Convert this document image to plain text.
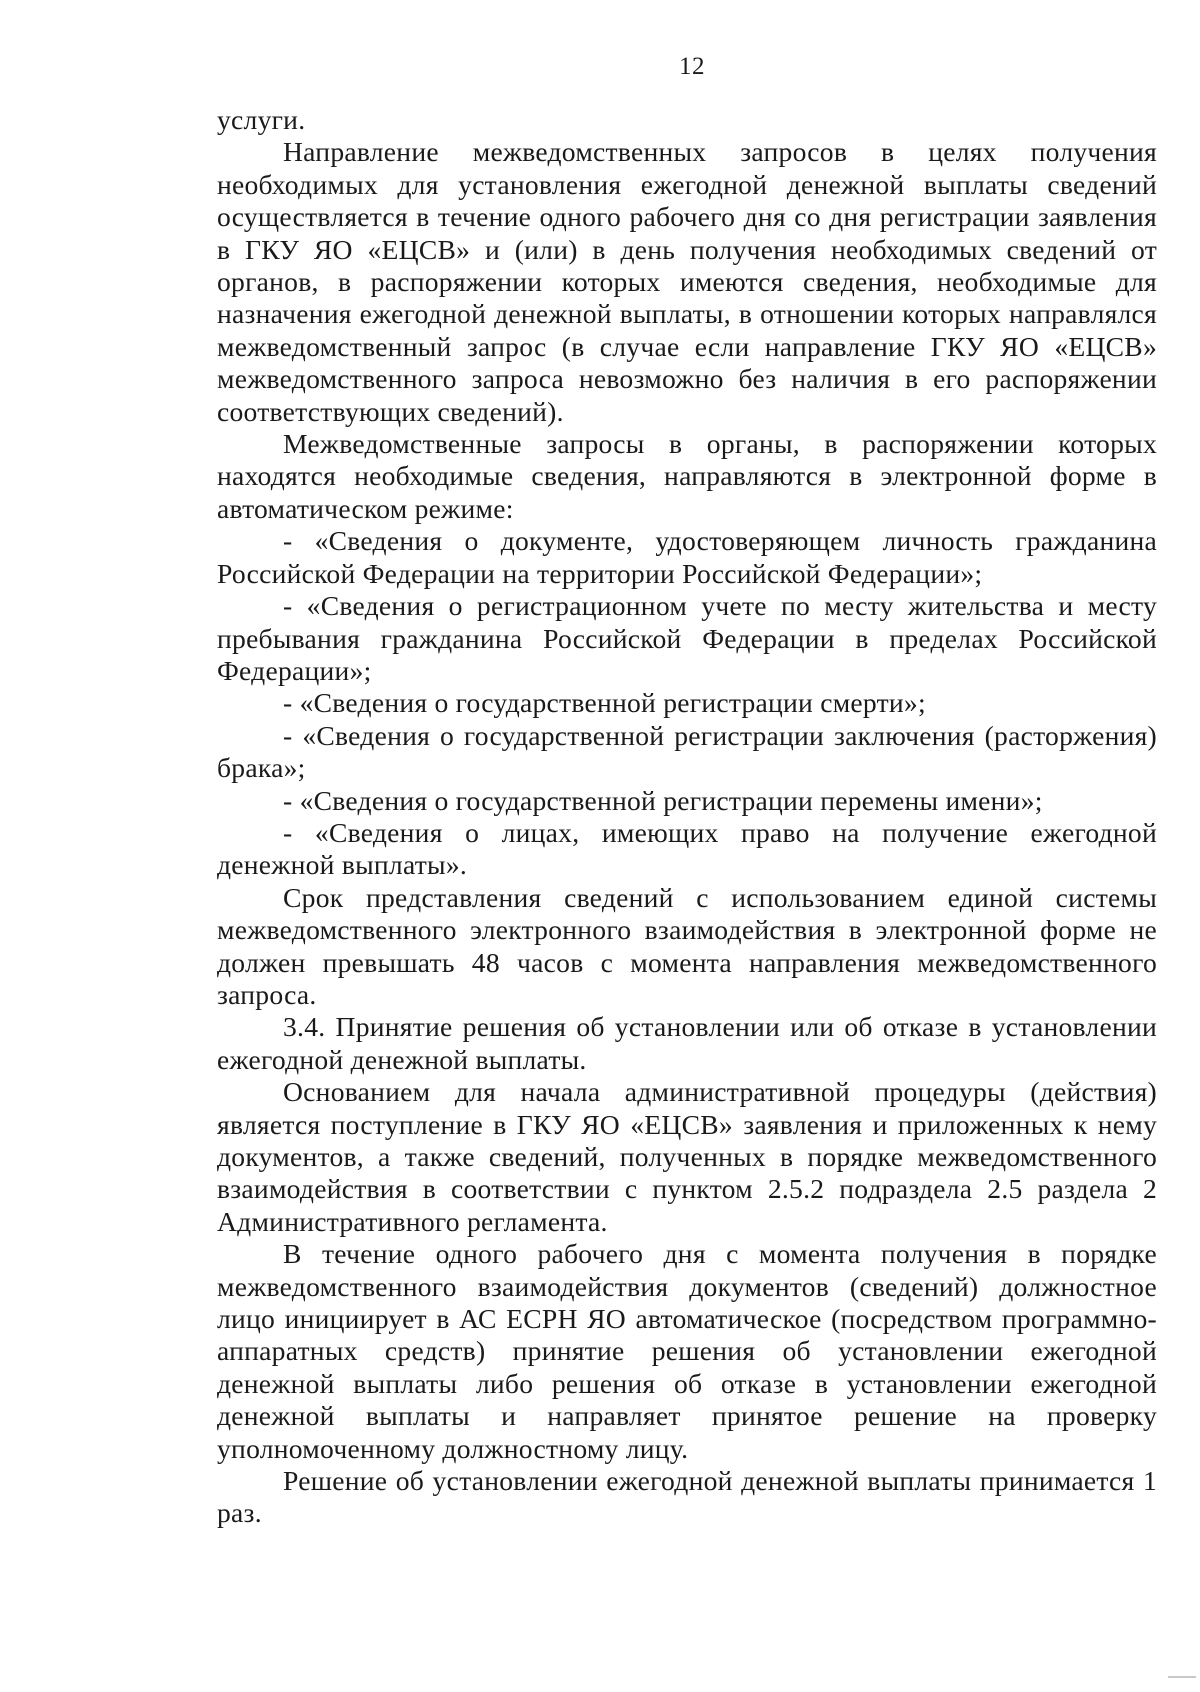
12

услуги.

Направление межведомственных запросов в целях получения необходимых для установления ежегодной денежной выплаты сведений осуществляется в течение одного рабочего дня со дня регистрации заявления в ГКУ ЯО «ЕЦСВ» и (или) в день получения необходимых сведений от органов, в распоряжении которых имеются сведения, необходимые для назначения ежегодной денежной выплаты, в отношении которых направлялся межведомственный запрос (в случае если направление ГКУ ЯО «ЕЦСВ» межведомственного запроса невозможно без наличия в его распоряжении соответствующих сведений).

Межведомственные запросы в органы, в распоряжении которых находятся необходимые сведения, направляются в электронной форме в автоматическом режиме:

- «Сведения о документе, удостоверяющем личность гражданина Российской Федерации на территории Российской Федерации»;

- «Сведения о регистрационном учете по месту жительства и месту пребывания гражданина Российской Федерации в пределах Российской Федерации»;

- «Сведения о государственной регистрации смерти»;

- «Сведения о государственной регистрации заключения (расторжения) брака»;

- «Сведения о государственной регистрации перемены имени»;

- «Сведения о лицах, имеющих право на получение ежегодной денежной выплаты».

Срок представления сведений с использованием единой системы межведомственного электронного взаимодействия в электронной форме не должен превышать 48 часов с момента направления межведомственного запроса.

3.4. Принятие решения об установлении или об отказе в установлении ежегодной денежной выплаты.

Основанием для начала административной процедуры (действия) является поступление в ГКУ ЯО «ЕЦСВ» заявления и приложенных к нему документов, а также сведений, полученных в порядке межведомственного взаимодействия в соответствии с пунктом 2.5.2 подраздела 2.5 раздела 2 Административного регламента.

В течение одного рабочего дня с момента получения в порядке межведомственного взаимодействия документов (сведений) должностное лицо инициирует в АС ЕСРН ЯО автоматическое (посредством программно-аппаратных средств) принятие решения об установлении ежегодной денежной выплаты либо решения об отказе в установлении ежегодной денежной выплаты и направляет принятое решение на проверку уполномоченному должностному лицу.

Решение об установлении ежегодной денежной выплаты принимается 1 раз.
